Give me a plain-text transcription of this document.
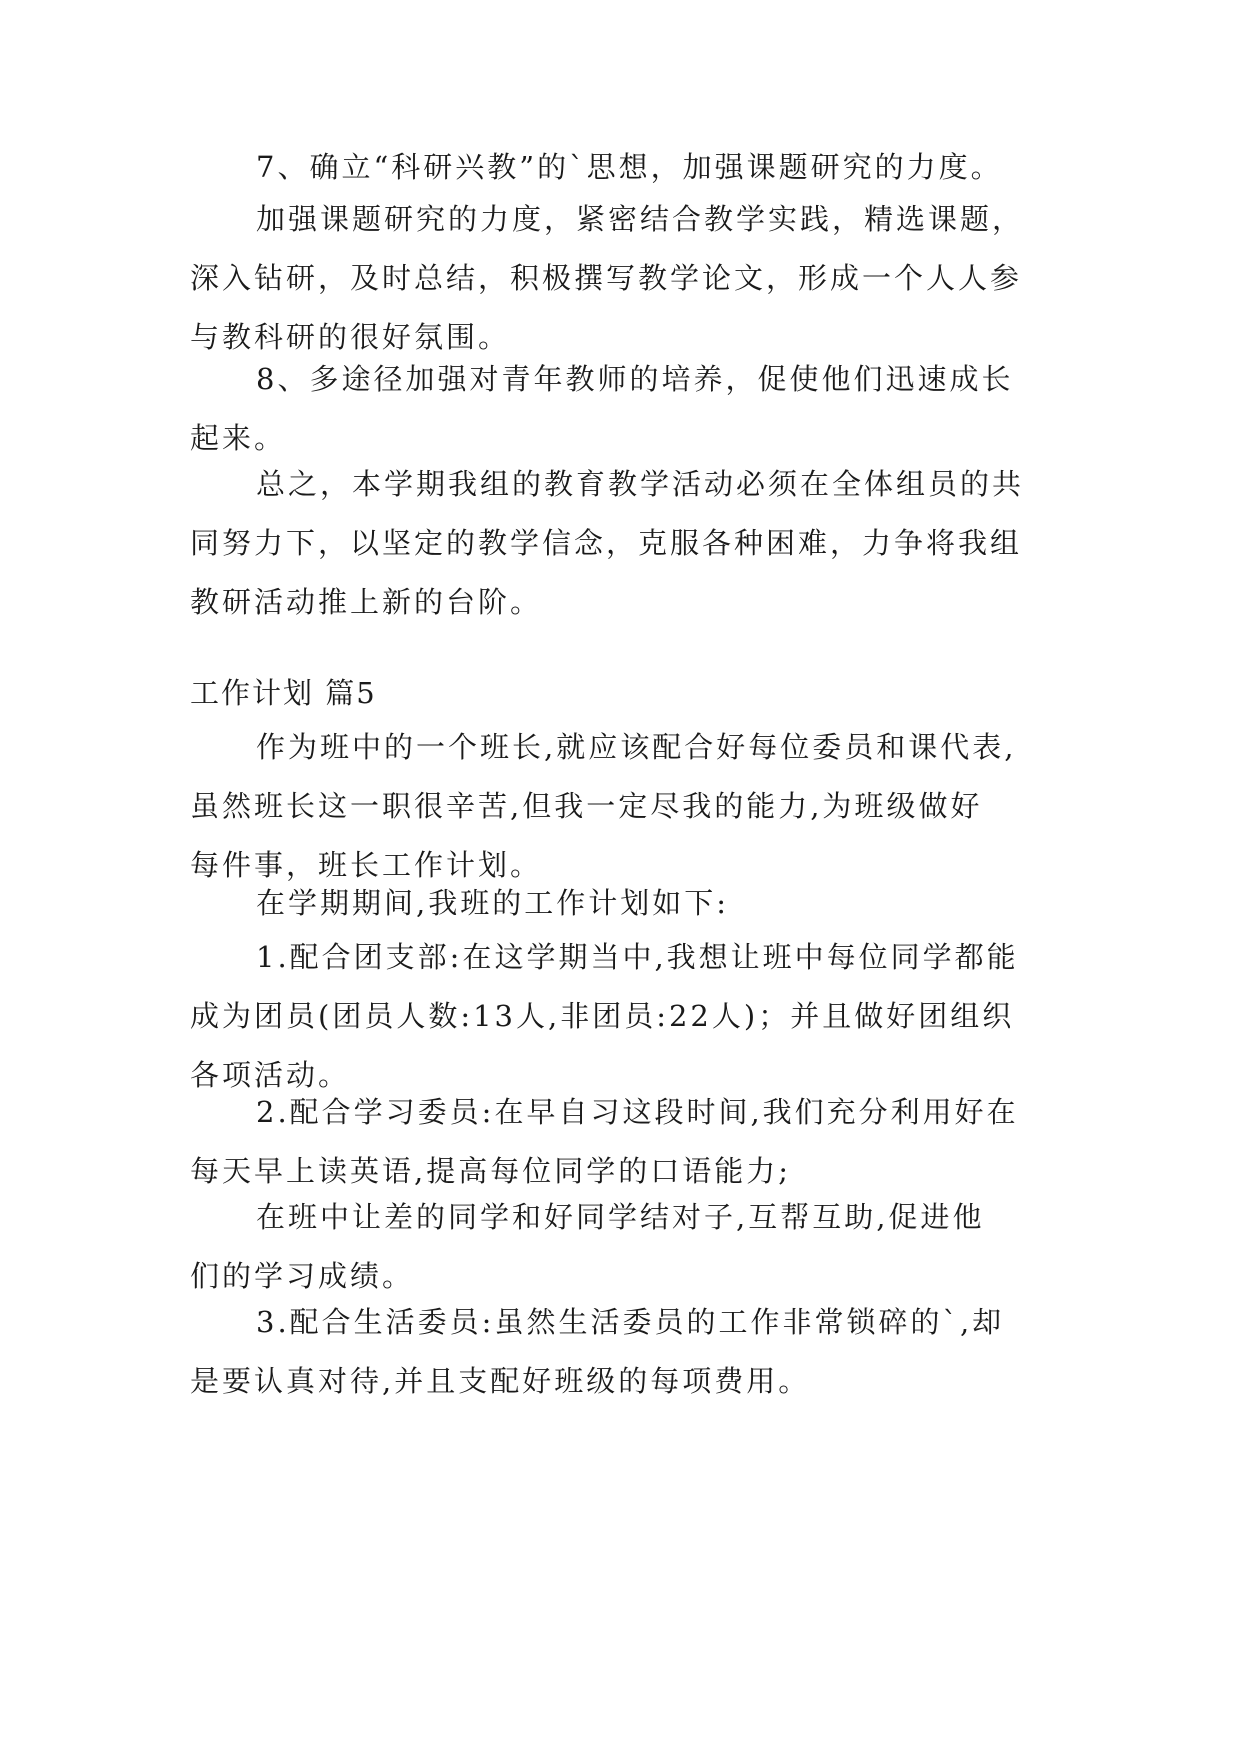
7、确立“科研兴教”的`思想，加强课题研究的力度。
加强课题研究的力度，紧密结合教学实践，精选课题，
深入钻研，及时总结，积极撰写教学论文，形成一个人人参
与教科研的很好氛围。
8、多途径加强对青年教师的培养，促使他们迅速成长
起来。
总之，本学期我组的教育教学活动必须在全体组员的共
同努力下，以坚定的教学信念，克服各种困难，力争将我组
教研活动推上新的台阶。
工作计划 篇5
作为班中的一个班长,就应该配合好每位委员和课代表,
虽然班长这一职很辛苦,但我一定尽我的能力,为班级做好
每件事，班长工作计划。
在学期期间,我班的工作计划如下:
1.配合团支部:在这学期当中,我想让班中每位同学都能
成为团员(团员人数:13人,非团员:22人)；并且做好团组织
各项活动。
2.配合学习委员:在早自习这段时间,我们充分利用好在
每天早上读英语,提高每位同学的口语能力;
在班中让差的同学和好同学结对子,互帮互助,促进他
们的学习成绩。
3.配合生活委员:虽然生活委员的工作非常锁碎的`,却
是要认真对待,并且支配好班级的每项费用。
